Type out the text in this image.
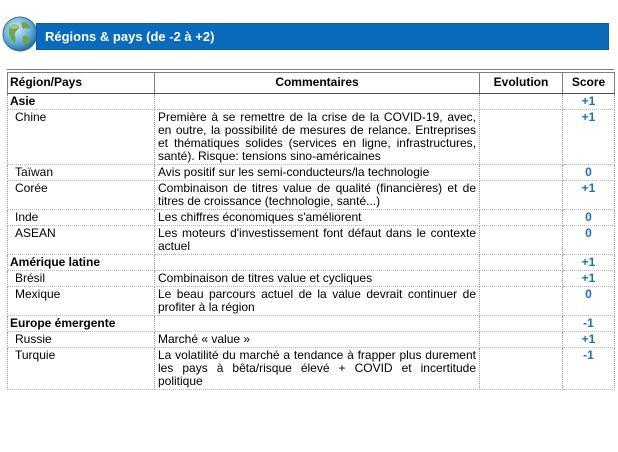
Régions & pays (de -2 à +2)
Région/Pays	Commentaires	Evolution	Score
Asie			+1
Chine	Première à se remettre de la crise de la COVID-19, avec, en outre, la possibilité de mesures de relance. Entreprises et thématiques solides (services en ligne, infrastructures, santé). Risque: tensions sino-américaines		+1
Taïwan	Avis positif sur les semi-conducteurs/la technologie		0
Corée	Combinaison de titres value de qualité (financières) et de titres de croissance (technologie, santé...)		+1
Inde	Les chiffres économiques s'améliorent		0
ASEAN	Les moteurs d'investissement font défaut dans le contexte actuel		0
Amérique latine			+1
Brésil	Combinaison de titres value et cycliques		+1
Mexique	Le beau parcours actuel de la value devrait continuer de profiter à la région		0
Europe émergente			-1
Russie	Marché « value »		+1
Turquie	La volatilité du marché a tendance à frapper plus durement les pays à bêta/risque élevé + COVID et incertitude politique		-1
